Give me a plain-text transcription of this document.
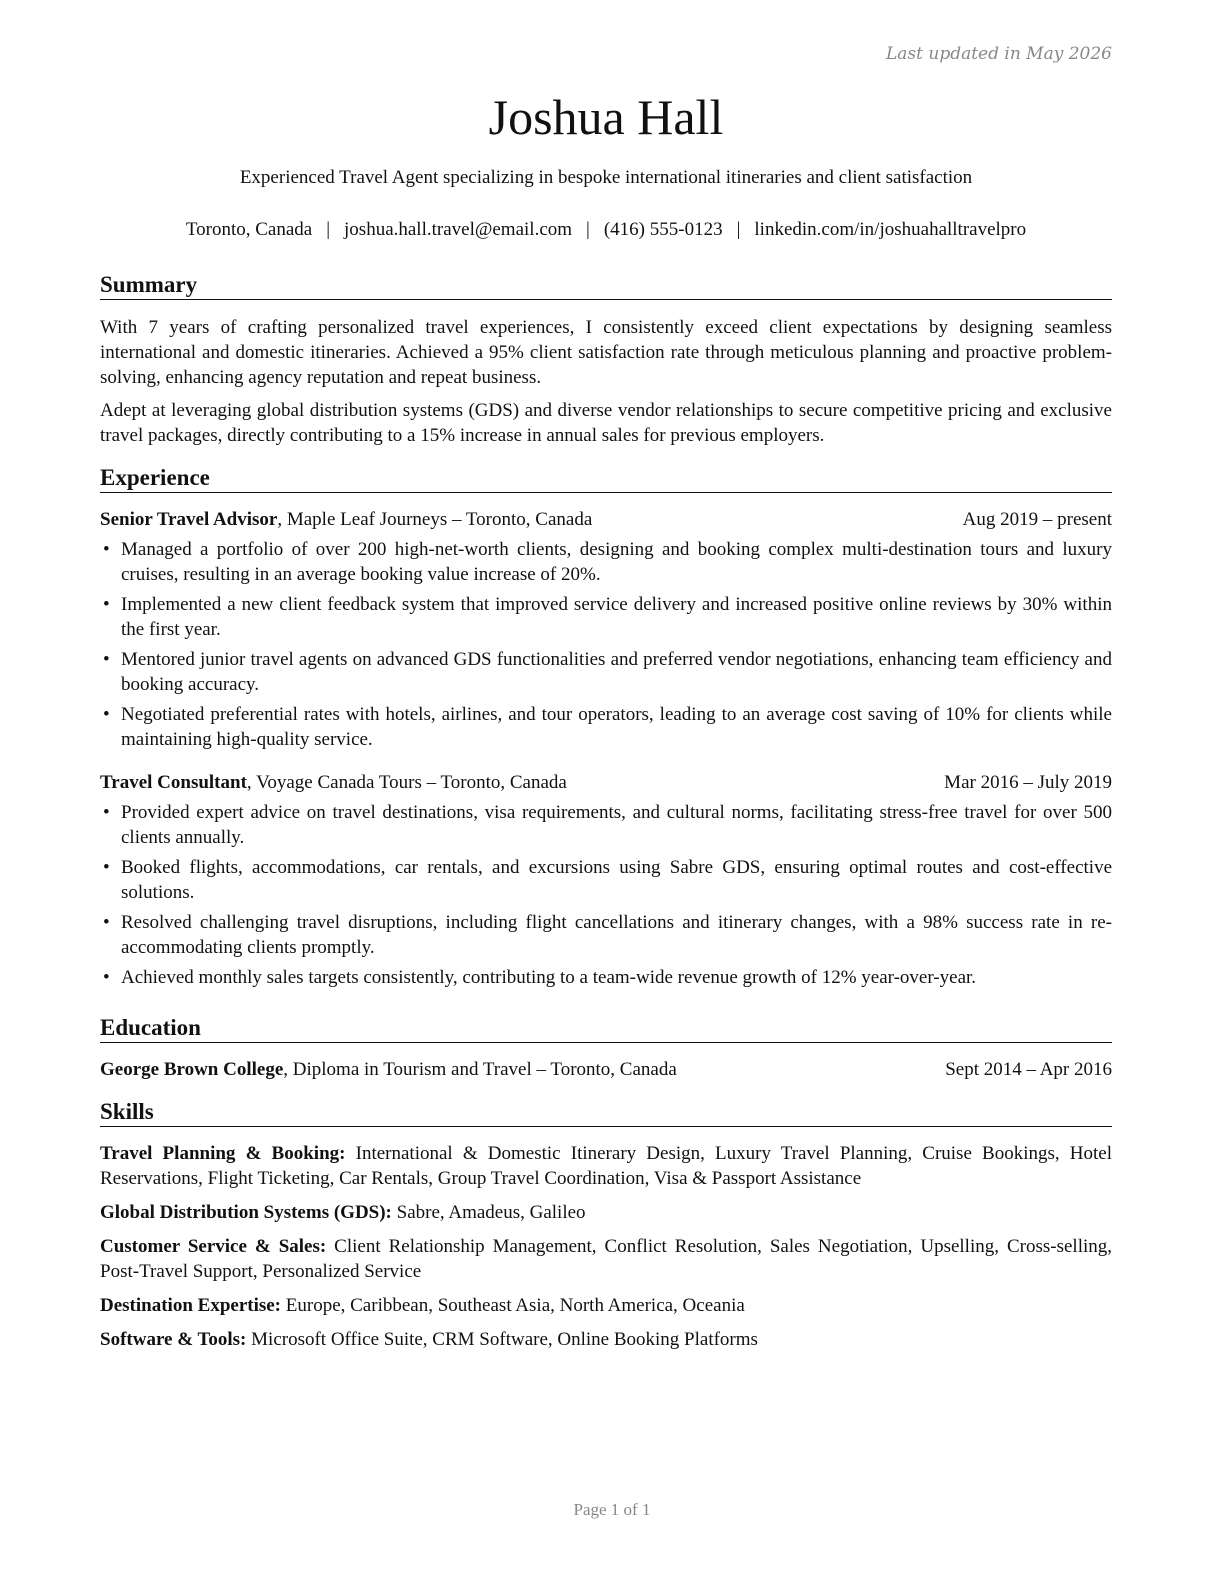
Last updated in May 2026
Joshua Hall
Experienced Travel Agent specializing in bespoke international itineraries and client satisfaction
Toronto, Canada | joshua.hall.travel@email.com | (416) 555-0123 | linkedin.com/in/joshuahalltravelpro
Summary

With 7 years of crafting personalized travel experiences, I consistently exceed client expectations by designing seamless international and domestic itineraries. Achieved a 95% client satisfaction rate through meticulous planning and proactive problem-solving, enhancing agency reputation and repeat business.

Adept at leveraging global distribution systems (GDS) and diverse vendor relationships to secure competitive pricing and exclusive travel packages, directly contributing to a 15% increase in annual sales for previous employers.

Experience
Senior Travel Advisor, Maple Leaf Journeys – Toronto, Canada	Aug 2019 – present
• Managed a portfolio of over 200 high-net-worth clients, designing and booking complex multi-destination tours and luxury cruises, resulting in an average booking value increase of 20%.
• Implemented a new client feedback system that improved service delivery and increased positive online reviews by 30% within the first year.
• Mentored junior travel agents on advanced GDS functionalities and preferred vendor negotiations, enhancing team efficiency and booking accuracy.
• Negotiated preferential rates with hotels, airlines, and tour operators, leading to an average cost saving of 10% for clients while maintaining high-quality service.
Travel Consultant, Voyage Canada Tours – Toronto, Canada	Mar 2016 – July 2019
• Provided expert advice on travel destinations, visa requirements, and cultural norms, facilitating stress-free travel for over 500 clients annually.
• Booked flights, accommodations, car rentals, and excursions using Sabre GDS, ensuring optimal routes and cost-effective solutions.
• Resolved challenging travel disruptions, including flight cancellations and itinerary changes, with a 98% success rate in re-accommodating clients promptly.
• Achieved monthly sales targets consistently, contributing to a team-wide revenue growth of 12% year-over-year.
Education
George Brown College, Diploma in Tourism and Travel – Toronto, Canada	Sept 2014 – Apr 2016
Skills

Travel Planning & Booking: International & Domestic Itinerary Design, Luxury Travel Planning, Cruise Bookings, Hotel Reservations, Flight Ticketing, Car Rentals, Group Travel Coordination, Visa & Passport Assistance

Global Distribution Systems (GDS): Sabre, Amadeus, Galileo

Customer Service & Sales: Client Relationship Management, Conflict Resolution, Sales Negotiation, Upselling, Cross-selling, Post-Travel Support, Personalized Service

Destination Expertise: Europe, Caribbean, Southeast Asia, North America, Oceania

Software & Tools: Microsoft Office Suite, CRM Software, Online Booking Platforms

Page 1 of 1
